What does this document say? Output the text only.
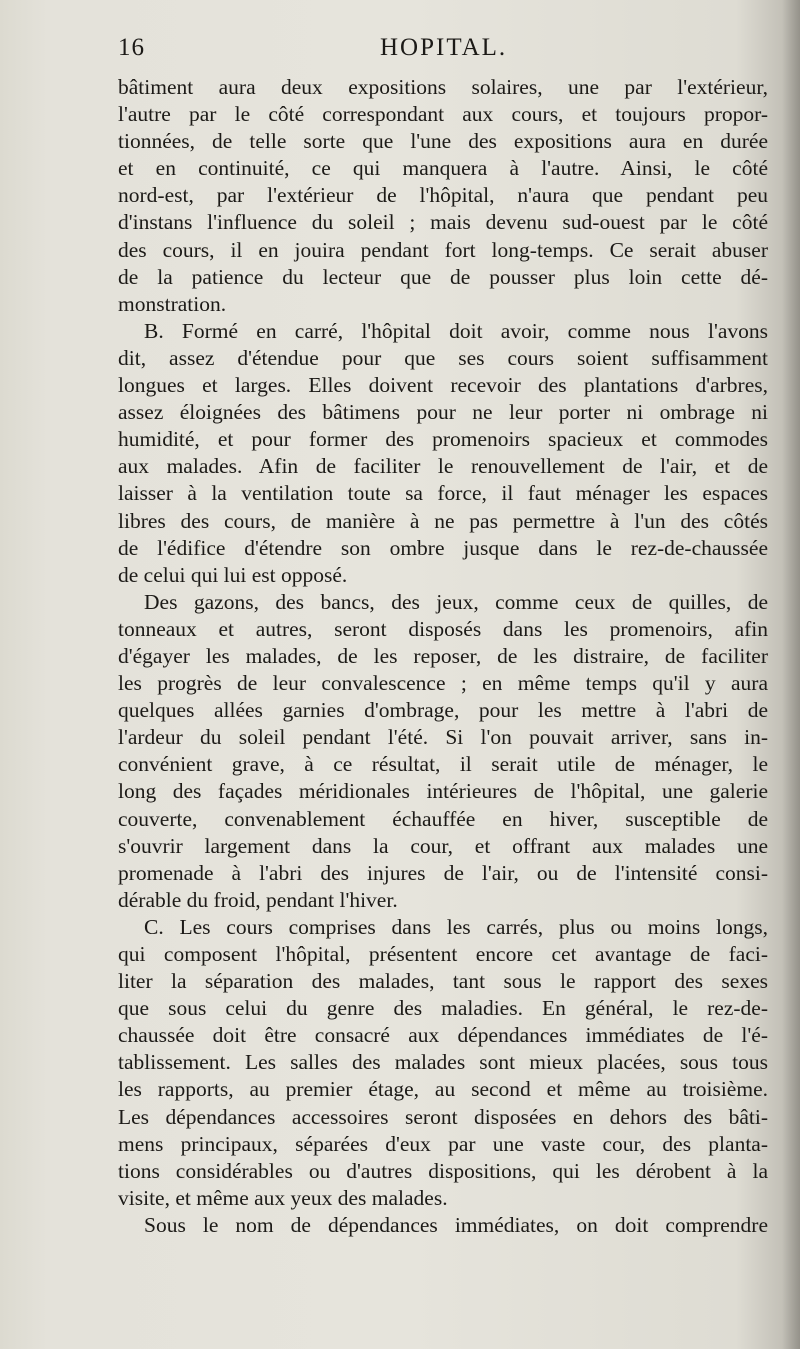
16	HOPITAL.
bâtiment aura deux expositions solaires, une par l'extérieur,
l'autre par le côté correspondant aux cours, et toujours propor-
tionnées, de telle sorte que l'une des expositions aura en durée
et en continuité, ce qui manquera à l'autre. Ainsi, le côté
nord-est, par l'extérieur de l'hôpital, n'aura que pendant peu
d'instans l'influence du soleil ; mais devenu sud-ouest par le côté
des cours, il en jouira pendant fort long-temps. Ce serait abuser
de la patience du lecteur que de pousser plus loin cette dé-
monstration.
B. Formé en carré, l'hôpital doit avoir, comme nous l'avons
dit, assez d'étendue pour que ses cours soient suffisamment
longues et larges. Elles doivent recevoir des plantations d'arbres,
assez éloignées des bâtimens pour ne leur porter ni ombrage ni
humidité, et pour former des promenoirs spacieux et commodes
aux malades. Afin de faciliter le renouvellement de l'air, et de
laisser à la ventilation toute sa force, il faut ménager les espaces
libres des cours, de manière à ne pas permettre à l'un des côtés
de l'édifice d'étendre son ombre jusque dans le rez-de-chaussée
de celui qui lui est opposé.
Des gazons, des bancs, des jeux, comme ceux de quilles, de
tonneaux et autres, seront disposés dans les promenoirs, afin
d'égayer les malades, de les reposer, de les distraire, de faciliter
les progrès de leur convalescence ; en même temps qu'il y aura
quelques allées garnies d'ombrage, pour les mettre à l'abri de
l'ardeur du soleil pendant l'été. Si l'on pouvait arriver, sans in-
convénient grave, à ce résultat, il serait utile de ménager, le
long des façades méridionales intérieures de l'hôpital, une galerie
couverte, convenablement échauffée en hiver, susceptible de
s'ouvrir largement dans la cour, et offrant aux malades une
promenade à l'abri des injures de l'air, ou de l'intensité consi-
dérable du froid, pendant l'hiver.
C. Les cours comprises dans les carrés, plus ou moins longs,
qui composent l'hôpital, présentent encore cet avantage de faci-
liter la séparation des malades, tant sous le rapport des sexes
que sous celui du genre des maladies. En général, le rez-de-
chaussée doit être consacré aux dépendances immédiates de l'é-
tablissement. Les salles des malades sont mieux placées, sous tous
les rapports, au premier étage, au second et même au troisième.
Les dépendances accessoires seront disposées en dehors des bâti-
mens principaux, séparées d'eux par une vaste cour, des planta-
tions considérables ou d'autres dispositions, qui les dérobent à la
visite, et même aux yeux des malades.
Sous le nom de dépendances immédiates, on doit comprendre
